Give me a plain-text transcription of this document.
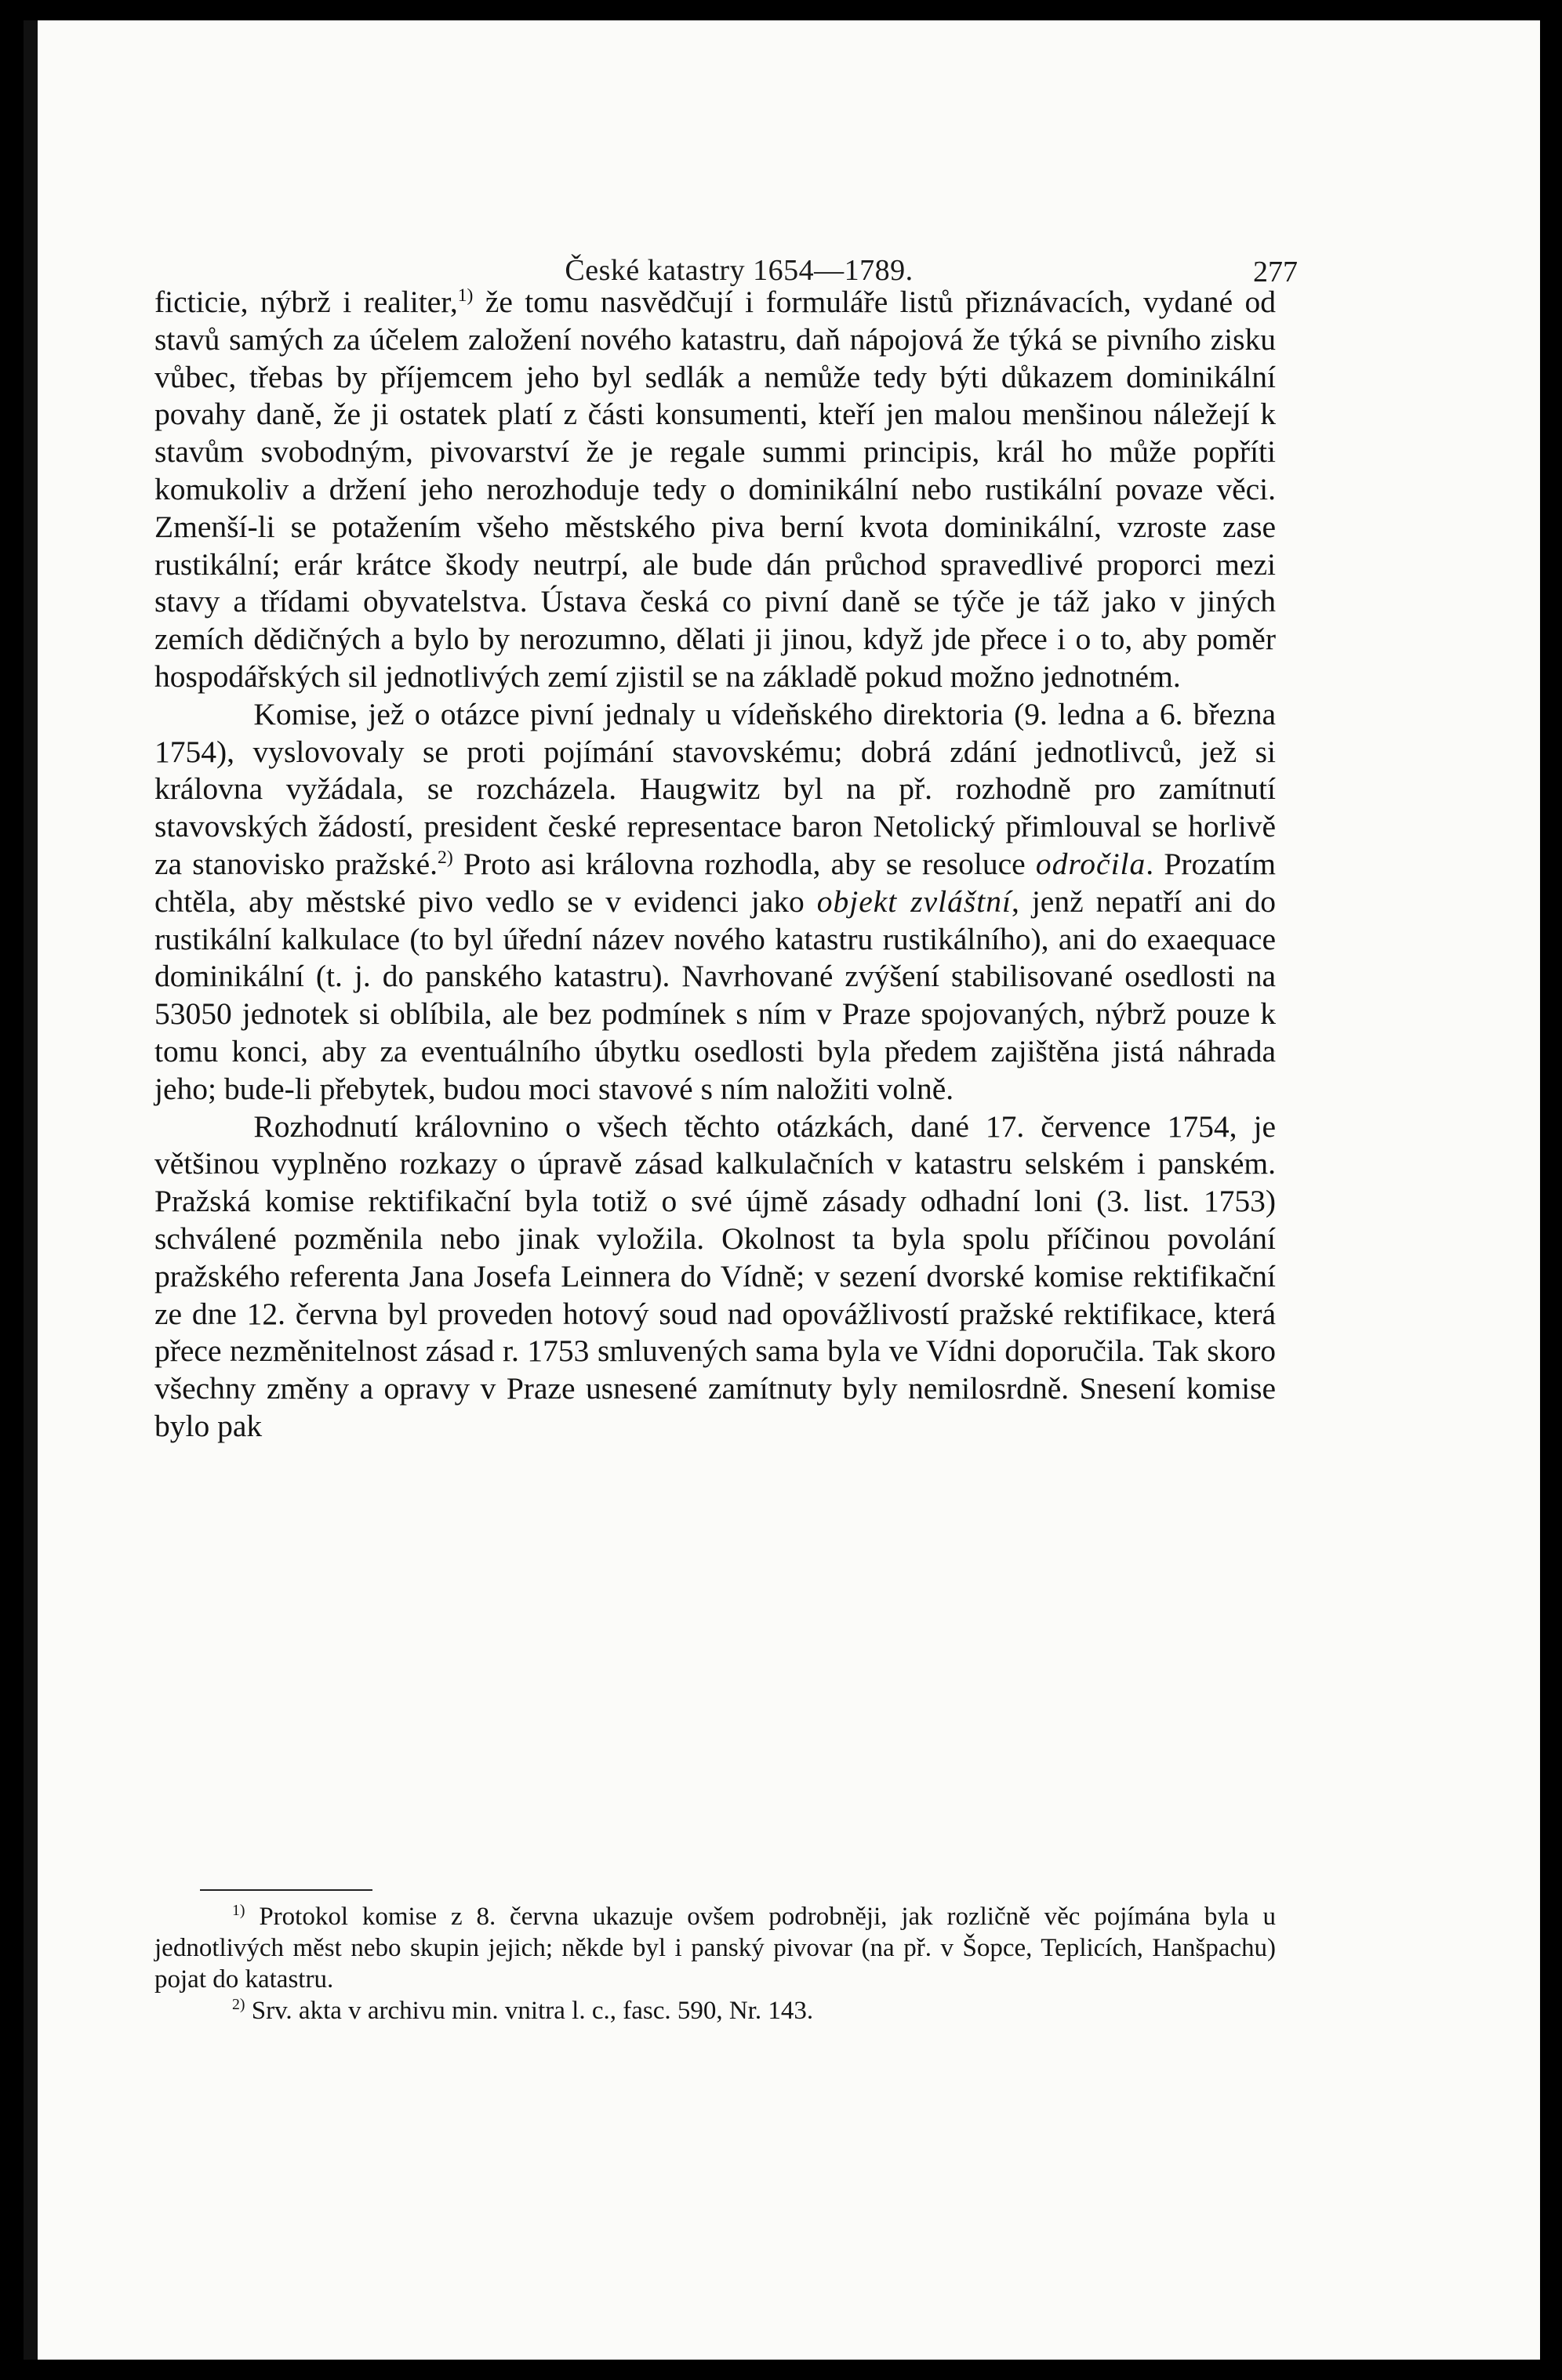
České katastry 1654—1789.	277

ficticie, nýbrž i realiter,$^{1)}$ že tomu nasvědčují i formuláře listů přiznávacích, vydané od stavů samých za účelem založení nového katastru, daň nápojová že týká se pivního zisku vůbec, třebas by příjemcem jeho byl sedlák a nemůže tedy býti důkazem dominikální povahy daně, že ji ostatek platí z části konsumenti, kteří jen malou menšinou náležejí k stavům svobodným, pivovarství že je regale summi principis, král ho může popříti komukoliv a držení jeho nerozhoduje tedy o dominikální nebo rustikální povaze věci. Zmenší-li se potažením všeho městského piva berní kvota dominikální, vzroste zase rustikální; erár krátce škody neutrpí, ale bude dán průchod spravedlivé proporci mezi stavy a třídami obyvatelstva. Ústava česká co pivní daně se týče je táž jako v jiných zemích dědičných a bylo by nerozumno, dělati ji jinou, když jde přece i o to, aby poměr hospodářských sil jednotlivých zemí zjistil se na základě pokud možno jednotném.

Komise, jež o otázce pivní jednaly u vídeňského direktoria (9. ledna a 6. března 1754), vyslovovaly se proti pojímání stavovskému; dobrá zdání jednotlivců, jež si královna vyžádala, se rozcházela. Haugwitz byl na př. rozhodně pro zamítnutí stavovských žádostí, president české representace baron Netolický přimlouval se horlivě za stanovisko pražské.$^{2)}$ Proto asi královna rozhodla, aby se resoluce odročila. Prozatím chtěla, aby městské pivo vedlo se v evidenci jako objekt zvláštní, jenž nepatří ani do rustikální kalkulace (to byl úřední název nového katastru rustikálního), ani do exaequace dominikální (t. j. do panského katastru). Navrhované zvýšení stabilisované osedlosti na 53050 jednotek si oblíbila, ale bez podmínek s ním v Praze spojovaných, nýbrž pouze k tomu konci, aby za eventuálního úbytku osedlosti byla předem zajištěna jistá náhrada jeho; bude-li přebytek, budou moci stavové s ním naložiti volně.

Rozhodnutí královnino o všech těchto otázkách, dané 17. července 1754, je většinou vyplněno rozkazy o úpravě zásad kalkulačních v katastru selském i panském. Pražská komise rektifikační byla totiž o své újmě zásady odhadní loni (3. list. 1753) schválené pozměnila nebo jinak vyložila. Okolnost ta byla spolu příčinou povolání pražského referenta Jana Josefa Leinnera do Vídně; v sezení dvorské komise rektifikační ze dne 12. června byl proveden hotový soud nad opovážlivostí pražské rektifikace, která přece nezměnitelnost zásad r. 1753 smluvených sama byla ve Vídni doporučila. Tak skoro všechny změny a opravy v Praze usnesené zamítnuty byly nemilosrdně. Snesení komise bylo pak

$^{1)}$ Protokol komise z 8. června ukazuje ovšem podrobněji, jak rozličně věc pojímána byla u jednotlivých měst nebo skupin jejich; někde byl i panský pivovar (na př. v Šopce, Teplicích, Hanšpachu) pojat do katastru.

$^{2)}$ Srv. akta v archivu min. vnitra l. c., fasc. 590, Nr. 143.
